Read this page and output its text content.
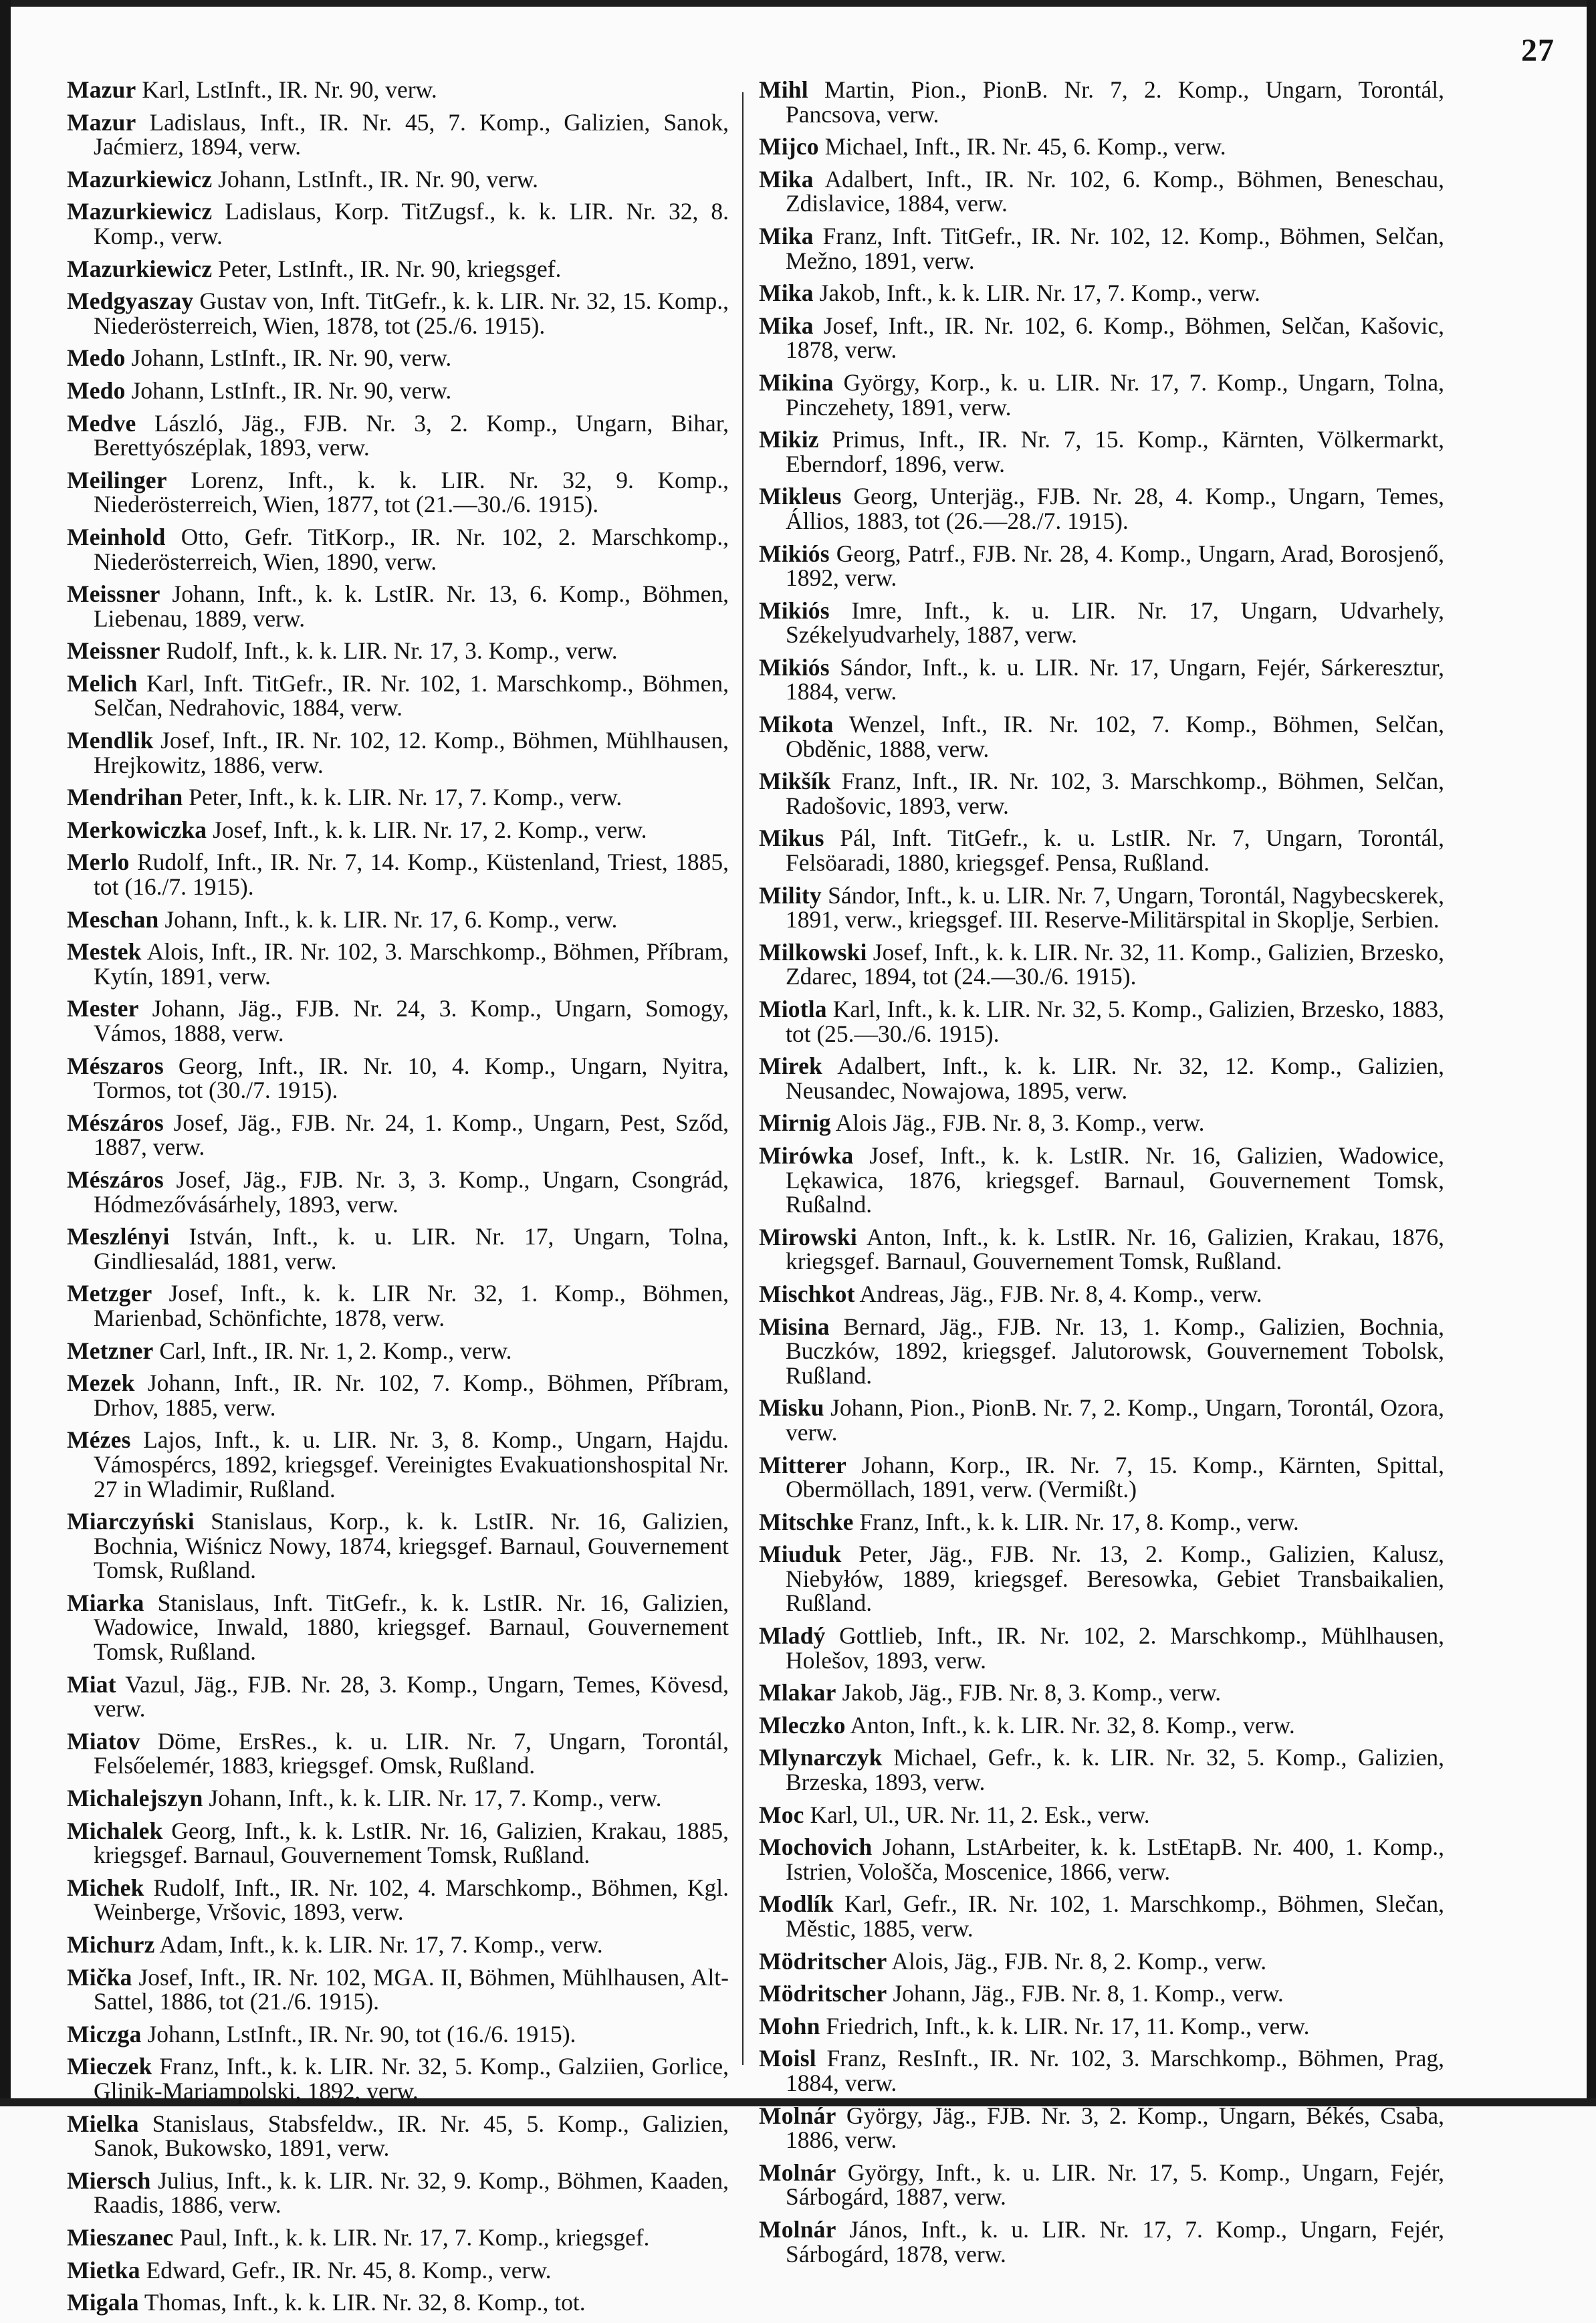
27

Mazur Karl, LstInft., IR. Nr. 90, verw.

Mazur Ladislaus, Inft., IR. Nr. 45, 7. Komp., Galizien, Sanok, Jaćmierz, 1894, verw.

Mazurkiewicz Johann, LstInft., IR. Nr. 90, verw.

Mazurkiewicz Ladislaus, Korp. TitZugsf., k. k. LIR. Nr. 32, 8. Komp., verw.

Mazurkiewicz Peter, LstInft., IR. Nr. 90, kriegsgef.

Medgyaszay Gustav von, Inft. TitGefr., k. k. LIR. Nr. 32, 15. Komp., Niederösterreich, Wien, 1878, tot (25./6. 1915).

Medo Johann, LstInft., IR. Nr. 90, verw.

Medo Johann, LstInft., IR. Nr. 90, verw.

Medve László, Jäg., FJB. Nr. 3, 2. Komp., Ungarn, Bihar, Berettyószéplak, 1893, verw.

Meilinger Lorenz, Inft., k. k. LIR. Nr. 32, 9. Komp., Niederösterreich, Wien, 1877, tot (21.—30./6. 1915).

Meinhold Otto, Gefr. TitKorp., IR. Nr. 102, 2. Marschkomp., Niederösterreich, Wien, 1890, verw.

Meissner Johann, Inft., k. k. LstIR. Nr. 13, 6. Komp., Böhmen, Liebenau, 1889, verw.

Meissner Rudolf, Inft., k. k. LIR. Nr. 17, 3. Komp., verw.

Melich Karl, Inft. TitGefr., IR. Nr. 102, 1. Marschkomp., Böhmen, Selčan, Nedrahovic, 1884, verw.

Mendlik Josef, Inft., IR. Nr. 102, 12. Komp., Böhmen, Mühlhausen, Hrejkowitz, 1886, verw.

Mendrihan Peter, Inft., k. k. LIR. Nr. 17, 7. Komp., verw.

Merkowiczka Josef, Inft., k. k. LIR. Nr. 17, 2. Komp., verw.

Merlo Rudolf, Inft., IR. Nr. 7, 14. Komp., Küstenland, Triest, 1885, tot (16./7. 1915).

Meschan Johann, Inft., k. k. LIR. Nr. 17, 6. Komp., verw.

Mestek Alois, Inft., IR. Nr. 102, 3. Marschkomp., Böhmen, Příbram, Kytín, 1891, verw.

Mester Johann, Jäg., FJB. Nr. 24, 3. Komp., Ungarn, Somogy, Vámos, 1888, verw.

Mészaros Georg, Inft., IR. Nr. 10, 4. Komp., Ungarn, Nyitra, Tormos, tot (30./7. 1915).

Mészáros Josef, Jäg., FJB. Nr. 24, 1. Komp., Ungarn, Pest, Sződ, 1887, verw.

Mészáros Josef, Jäg., FJB. Nr. 3, 3. Komp., Ungarn, Csongrád, Hódmezővásárhely, 1893, verw.

Meszlényi István, Inft., k. u. LIR. Nr. 17, Ungarn, Tolna, Gindliesalád, 1881, verw.

Metzger Josef, Inft., k. k. LIR Nr. 32, 1. Komp., Böhmen, Marienbad, Schönfichte, 1878, verw.

Metzner Carl, Inft., IR. Nr. 1, 2. Komp., verw.

Mezek Johann, Inft., IR. Nr. 102, 7. Komp., Böhmen, Příbram, Drhov, 1885, verw.

Mézes Lajos, Inft., k. u. LIR. Nr. 3, 8. Komp., Ungarn, Hajdu. Vámospércs, 1892, kriegsgef. Vereinigtes Evakuationshospital Nr. 27 in Wladimir, Rußland.

Miarczyński Stanislaus, Korp., k. k. LstIR. Nr. 16, Galizien, Bochnia, Wiśnicz Nowy, 1874, kriegsgef. Barnaul, Gouvernement Tomsk, Rußland.

Miarka Stanislaus, Inft. TitGefr., k. k. LstIR. Nr. 16, Galizien, Wadowice, Inwald, 1880, kriegsgef. Barnaul, Gouvernement Tomsk, Rußland.

Miat Vazul, Jäg., FJB. Nr. 28, 3. Komp., Ungarn, Temes, Kövesd, verw.

Miatov Döme, ErsRes., k. u. LIR. Nr. 7, Ungarn, Torontál, Felsőelemér, 1883, kriegsgef. Omsk, Rußland.

Michalejszyn Johann, Inft., k. k. LIR. Nr. 17, 7. Komp., verw.

Michalek Georg, Inft., k. k. LstIR. Nr. 16, Galizien, Krakau, 1885, kriegsgef. Barnaul, Gouvernement Tomsk, Rußland.

Michek Rudolf, Inft., IR. Nr. 102, 4. Marschkomp., Böhmen, Kgl. Weinberge, Vršovic, 1893, verw.

Michurz Adam, Inft., k. k. LIR. Nr. 17, 7. Komp., verw.

Mička Josef, Inft., IR. Nr. 102, MGA. II, Böhmen, Mühlhausen, Alt-Sattel, 1886, tot (21./6. 1915).

Miczga Johann, LstInft., IR. Nr. 90, tot (16./6. 1915).

Mieczek Franz, Inft., k. k. LIR. Nr. 32, 5. Komp., Galziien, Gorlice, Glinik-Mariampolski, 1892, verw.

Mielka Stanislaus, Stabsfeldw., IR. Nr. 45, 5. Komp., Galizien, Sanok, Bukowsko, 1891, verw.

Miersch Julius, Inft., k. k. LIR. Nr. 32, 9. Komp., Böhmen, Kaaden, Raadis, 1886, verw.

Mieszanec Paul, Inft., k. k. LIR. Nr. 17, 7. Komp., kriegsgef.

Mietka Edward, Gefr., IR. Nr. 45, 8. Komp., verw.

Migala Thomas, Inft., k. k. LIR. Nr. 32, 8. Komp., tot.

Mihl Martin, Pion., PionB. Nr. 7, 2. Komp., Ungarn, Torontál, Pancsova, verw.

Mijco Michael, Inft., IR. Nr. 45, 6. Komp., verw.

Mika Adalbert, Inft., IR. Nr. 102, 6. Komp., Böhmen, Beneschau, Zdislavice, 1884, verw.

Mika Franz, Inft. TitGefr., IR. Nr. 102, 12. Komp., Böhmen, Selčan, Mežno, 1891, verw.

Mika Jakob, Inft., k. k. LIR. Nr. 17, 7. Komp., verw.

Mika Josef, Inft., IR. Nr. 102, 6. Komp., Böhmen, Selčan, Kašovic, 1878, verw.

Mikina György, Korp., k. u. LIR. Nr. 17, 7. Komp., Ungarn, Tolna, Pinczehety, 1891, verw.

Mikiz Primus, Inft., IR. Nr. 7, 15. Komp., Kärnten, Völkermarkt, Eberndorf, 1896, verw.

Mikleus Georg, Unterjäg., FJB. Nr. 28, 4. Komp., Ungarn, Temes, Állios, 1883, tot (26.—28./7. 1915).

Mikiós Georg, Patrf., FJB. Nr. 28, 4. Komp., Ungarn, Arad, Borosjenő, 1892, verw.

Mikiós Imre, Inft., k. u. LIR. Nr. 17, Ungarn, Udvarhely, Székelyudvarhely, 1887, verw.

Mikiós Sándor, Inft., k. u. LIR. Nr. 17, Ungarn, Fejér, Sárkeresztur, 1884, verw.

Mikota Wenzel, Inft., IR. Nr. 102, 7. Komp., Böhmen, Selčan, Obděnic, 1888, verw.

Mikšík Franz, Inft., IR. Nr. 102, 3. Marschkomp., Böhmen, Selčan, Radošovic, 1893, verw.

Mikus Pál, Inft. TitGefr., k. u. LstIR. Nr. 7, Ungarn, Torontál, Felsöaradi, 1880, kriegsgef. Pensa, Rußland.

Mility Sándor, Inft., k. u. LIR. Nr. 7, Ungarn, Torontál, Nagybecskerek, 1891, verw., kriegsgef. III. Reserve-Militärspital in Skoplje, Serbien.

Milkowski Josef, Inft., k. k. LIR. Nr. 32, 11. Komp., Galizien, Brzesko, Zdarec, 1894, tot (24.—30./6. 1915).

Miotla Karl, Inft., k. k. LIR. Nr. 32, 5. Komp., Galizien, Brzesko, 1883, tot (25.—30./6. 1915).

Mirek Adalbert, Inft., k. k. LIR. Nr. 32, 12. Komp., Galizien, Neusandec, Nowajowa, 1895, verw.

Mirnig Alois Jäg., FJB. Nr. 8, 3. Komp., verw.

Mirówka Josef, Inft., k. k. LstIR. Nr. 16, Galizien, Wadowice, Lękawica, 1876, kriegsgef. Barnaul, Gouvernement Tomsk, Rußalnd.

Mirowski Anton, Inft., k. k. LstIR. Nr. 16, Galizien, Krakau, 1876, kriegsgef. Barnaul, Gouvernement Tomsk, Rußland.

Mischkot Andreas, Jäg., FJB. Nr. 8, 4. Komp., verw.

Misina Bernard, Jäg., FJB. Nr. 13, 1. Komp., Galizien, Bochnia, Buczków, 1892, kriegsgef. Jalutorowsk, Gouvernement Tobolsk, Rußland.

Misku Johann, Pion., PionB. Nr. 7, 2. Komp., Ungarn, Torontál, Ozora, verw.

Mitterer Johann, Korp., IR. Nr. 7, 15. Komp., Kärnten, Spittal, Obermöllach, 1891, verw. (Vermißt.)

Mitschke Franz, Inft., k. k. LIR. Nr. 17, 8. Komp., verw.

Miuduk Peter, Jäg., FJB. Nr. 13, 2. Komp., Galizien, Kalusz, Niebyłów, 1889, kriegsgef. Beresowka, Gebiet Transbaikalien, Rußland.

Mladý Gottlieb, Inft., IR. Nr. 102, 2. Marschkomp., Mühlhausen, Holešov, 1893, verw.

Mlakar Jakob, Jäg., FJB. Nr. 8, 3. Komp., verw.

Mleczko Anton, Inft., k. k. LIR. Nr. 32, 8. Komp., verw.

Mlynarczyk Michael, Gefr., k. k. LIR. Nr. 32, 5. Komp., Galizien, Brzeska, 1893, verw.

Moc Karl, Ul., UR. Nr. 11, 2. Esk., verw.

Mochovich Johann, LstArbeiter, k. k. LstEtapB. Nr. 400, 1. Komp., Istrien, Vološča, Moscenice, 1866, verw.

Modlík Karl, Gefr., IR. Nr. 102, 1. Marschkomp., Böhmen, Slečan, Městic, 1885, verw.

Mödritscher Alois, Jäg., FJB. Nr. 8, 2. Komp., verw.

Mödritscher Johann, Jäg., FJB. Nr. 8, 1. Komp., verw.

Mohn Friedrich, Inft., k. k. LIR. Nr. 17, 11. Komp., verw.

Moisl Franz, ResInft., IR. Nr. 102, 3. Marschkomp., Böhmen, Prag, 1884, verw.

Molnár György, Jäg., FJB. Nr. 3, 2. Komp., Ungarn, Békés, Csaba, 1886, verw.

Molnár György, Inft., k. u. LIR. Nr. 17, 5. Komp., Ungarn, Fejér, Sárbogárd, 1887, verw.

Molnár János, Inft., k. u. LIR. Nr. 17, 7. Komp., Ungarn, Fejér, Sárbogárd, 1878, verw.
